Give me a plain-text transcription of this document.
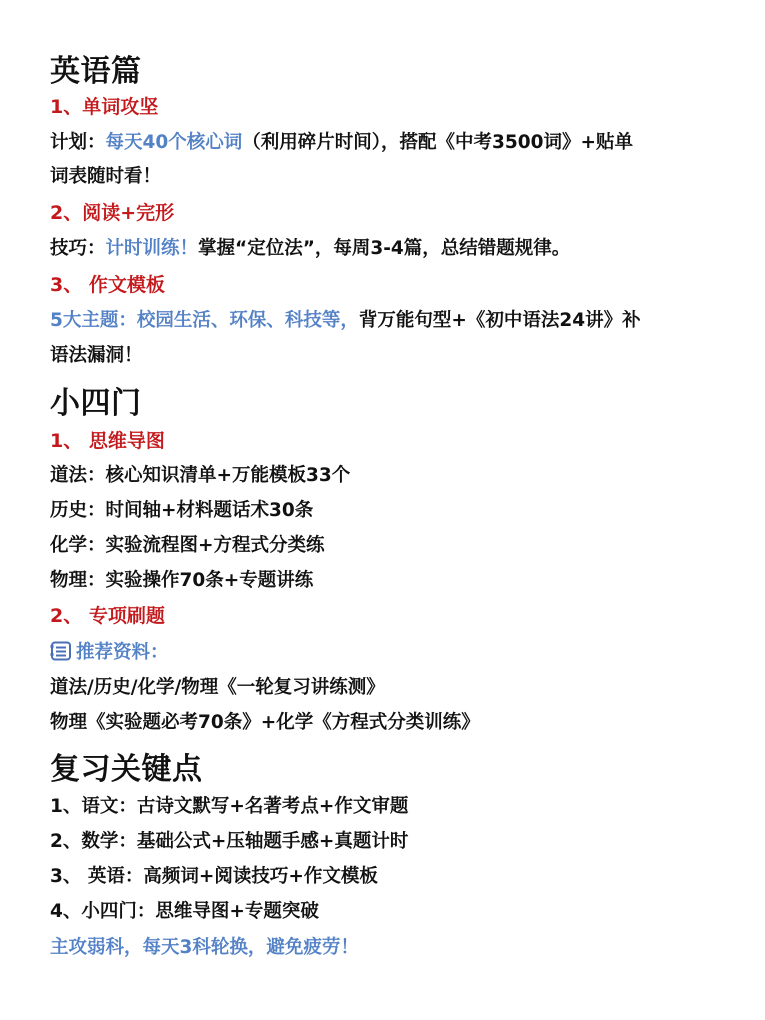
英语篇
1、单词攻坚
计划：每天40个核心词（利用碎片时间），搭配《中考3500词》+贴单
词表随时看！
2、阅读+完形
技巧：计时训练！掌握“定位法”，每周3-4篇，总结错题规律。
3、 作文模板
5大主题：校园生活、环保、科技等，背万能句型+《初中语法24讲》补
语法漏洞！
小四门
1、 思维导图
道法：核心知识清单+万能模板33个
历史：时间轴+材料题话术30条
化学：实验流程图+方程式分类练
物理：实验操作70条+专题讲练
2、 专项刷题
推荐资料：
道法/历史/化学/物理《一轮复习讲练测》
物理《实验题必考70条》+化学《方程式分类训练》
复习关键点
1、语文：古诗文默写+名著考点+作文审题
2、数学：基础公式+压轴题手感+真题计时
3、 英语：高频词+阅读技巧+作文模板
4、小四门：思维导图+专题突破
主攻弱科，每天3科轮换，避免疲劳！
